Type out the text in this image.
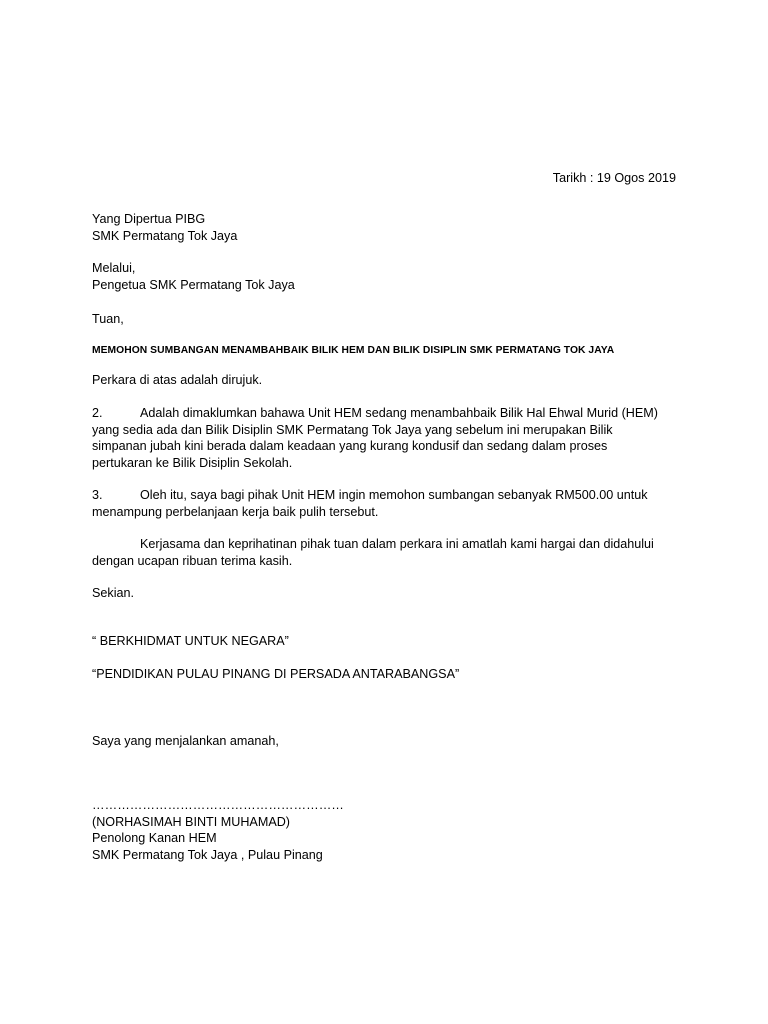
Tarikh : 19 Ogos 2019
Yang Dipertua PIBG
SMK Permatang Tok Jaya
Melalui,
Pengetua SMK Permatang Tok Jaya
Tuan,
MEMOHON SUMBANGAN MENAMBAHBAIK BILIK HEM DAN BILIK DISIPLIN SMK PERMATANG TOK JAYA
Perkara di atas adalah dirujuk.
2.	Adalah dimaklumkan bahawa Unit HEM sedang menambahbaik Bilik Hal Ehwal Murid (HEM)
yang sedia ada dan Bilik Disiplin SMK Permatang Tok Jaya yang sebelum ini merupakan Bilik
simpanan jubah kini berada dalam keadaan yang kurang kondusif dan sedang dalam proses
pertukaran ke Bilik Disiplin Sekolah.
3.	Oleh itu, saya bagi pihak Unit HEM ingin memohon sumbangan sebanyak RM500.00 untuk
menampung perbelanjaan kerja baik pulih tersebut.
Kerjasama dan keprihatinan pihak tuan dalam perkara ini amatlah kami hargai dan didahului
dengan ucapan ribuan terima kasih.
Sekian.
“ BERKHIDMAT UNTUK NEGARA”
“PENDIDIKAN PULAU PINANG DI PERSADA ANTARABANGSA”
Saya yang menjalankan amanah,
……………………………………………………
(NORHASIMAH BINTI MUHAMAD)
Penolong Kanan HEM
SMK Permatang Tok Jaya , Pulau Pinang
